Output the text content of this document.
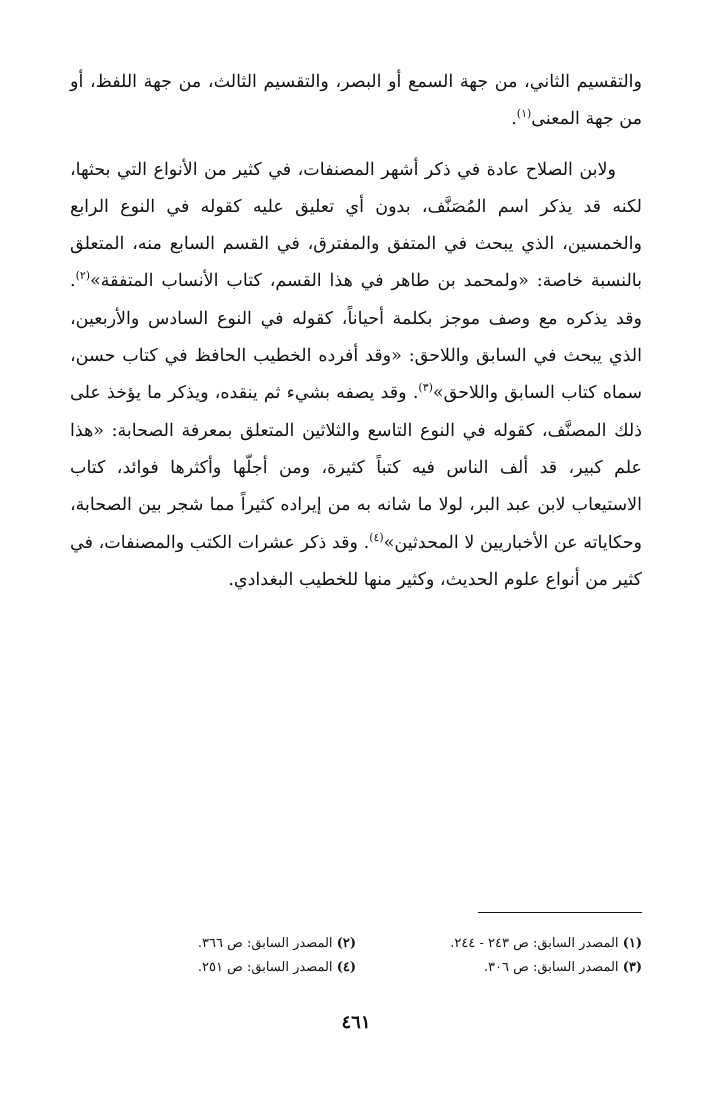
والتقسيم الثاني، من جهة السمع أو البصر، والتقسيم الثالث، من جهة اللفظ، أو من جهة المعنى$^{(١)}$.

ولابن الصلاح عادة في ذكر أشهر المصنفات، في كثير من الأنواع التي بحثها، لكنه قد يذكر اسم المُصَنَّف، بدون أي تعليق عليه كقوله في النوع الرابع والخمسين، الذي يبحث في المتفق والمفترق، في القسم السابع منه، المتعلق بالنسبة خاصة: «ولمحمد بن طاهر في هذا القسم، كتاب الأنساب المتفقة»$^{(٢)}$. وقد يذكره مع وصف موجز بكلمة أحياناً، كقوله في النوع السادس والأربعين، الذي يبحث في السابق واللاحق: «وقد أفرده الخطيب الحافظ في كتاب حسن، سماه كتاب السابق واللاحق»$^{(٣)}$. وقد يصفه بشيء ثم ينقده، ويذكر ما يؤخذ على ذلك المصنَّف، كقوله في النوع التاسع والثلاثين المتعلق بمعرفة الصحابة: «هذا علم كبير، قد ألف الناس فيه كتباً كثيرة، ومن أجلّها وأكثرها فوائد، كتاب الاستيعاب لابن عبد البر، لولا ما شانه به من إيراده كثيراً مما شجر بين الصحابة، وحكاياته عن الأخباريين لا المحدثين»$^{(٤)}$. وقد ذكر عشرات الكتب والمصنفات، في كثير من أنواع علوم الحديث، وكثير منها للخطيب البغدادي.

(١) المصدر السابق: ص ٢٤٣ - ٢٤٤.
(٢) المصدر السابق: ص ٣٦٦.
(٣) المصدر السابق: ص ٣٠٦.
(٤) المصدر السابق: ص ٢٥١.
٤٦١
